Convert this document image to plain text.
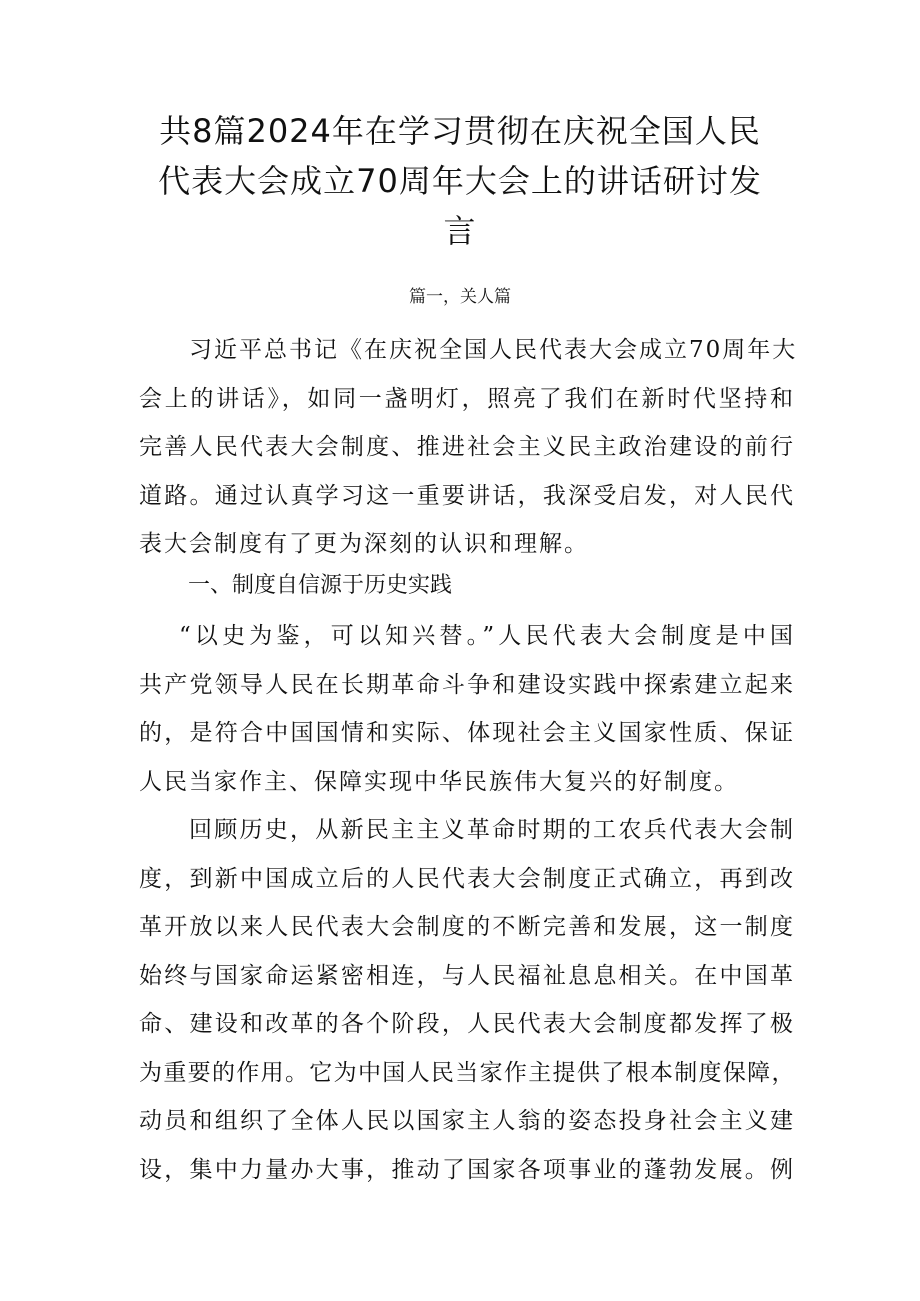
共8篇2024年在学习贯彻在庆祝全国人民
代表大会成立70周年大会上的讲话研讨发
言
篇一，关人篇

习近平总书记《在庆祝全国人民代表大会成立70周年大
会上的讲话》，如同一盏明灯，照亮了我们在新时代坚持和
完善人民代表大会制度、推进社会主义民主政治建设的前行
道路。通过认真学习这一重要讲话，我深受启发，对人民代
表大会制度有了更为深刻的认识和理解。

一、制度自信源于历史实践

“以史为鉴，可以知兴替。”人民代表大会制度是中国
共产党领导人民在长期革命斗争和建设实践中探索建立起来
的，是符合中国国情和实际、体现社会主义国家性质、保证
人民当家作主、保障实现中华民族伟大复兴的好制度。

回顾历史，从新民主主义革命时期的工农兵代表大会制
度，到新中国成立后的人民代表大会制度正式确立，再到改
革开放以来人民代表大会制度的不断完善和发展，这一制度
始终与国家命运紧密相连，与人民福祉息息相关。在中国革
命、建设和改革的各个阶段，人民代表大会制度都发挥了极
为重要的作用。它为中国人民当家作主提供了根本制度保障，
动员和组织了全体人民以国家主人翁的姿态投身社会主义建
设，集中力量办大事，推动了国家各项事业的蓬勃发展。例
